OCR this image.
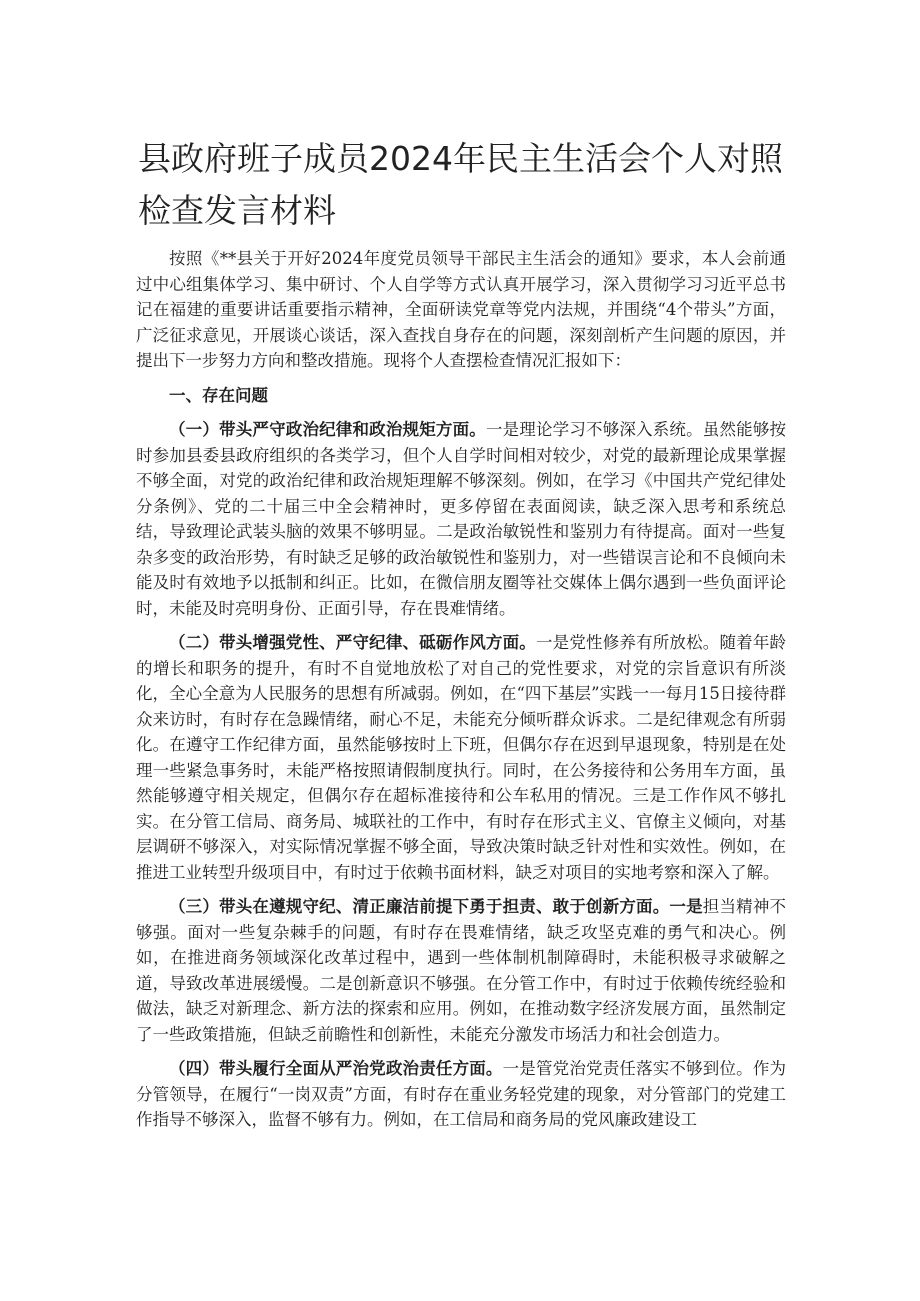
县政府班子成员2024年民主生活会个人对照检查发言材料

按照《**县关于开好2024年度党员领导干部民主生活会的通知》要求，本人会前通过中心组集体学习、集中研讨、个人自学等方式认真开展学习，深入贯彻学习习近平总书记在福建的重要讲话重要指示精神，全面研读党章等党内法规，并围绕“4个带头”方面，广泛征求意见，开展谈心谈话，深入查找自身存在的问题，深刻剖析产生问题的原因，并提出下一步努力方向和整改措施。现将个人查摆检查情况汇报如下：

一、存在问题

（一）带头严守政治纪律和政治规矩方面。一是理论学习不够深入系统。虽然能够按时参加县委县政府组织的各类学习，但个人自学时间相对较少，对党的最新理论成果掌握不够全面，对党的政治纪律和政治规矩理解不够深刻。例如，在学习《中国共产党纪律处分条例》、党的二十届三中全会精神时，更多停留在表面阅读，缺乏深入思考和系统总结，导致理论武装头脑的效果不够明显。二是政治敏锐性和鉴别力有待提高。面对一些复杂多变的政治形势，有时缺乏足够的政治敏锐性和鉴别力，对一些错误言论和不良倾向未能及时有效地予以抵制和纠正。比如，在微信朋友圈等社交媒体上偶尔遇到一些负面评论时，未能及时亮明身份、正面引导，存在畏难情绪。

（二）带头增强党性、严守纪律、砥砺作风方面。一是党性修养有所放松。随着年龄的增长和职务的提升，有时不自觉地放松了对自己的党性要求，对党的宗旨意识有所淡化，全心全意为人民服务的思想有所减弱。例如，在“四下基层”实践一一每月15日接待群众来访时，有时存在急躁情绪，耐心不足，未能充分倾听群众诉求。二是纪律观念有所弱化。在遵守工作纪律方面，虽然能够按时上下班，但偶尔存在迟到早退现象，特别是在处理一些紧急事务时，未能严格按照请假制度执行。同时，在公务接待和公务用车方面，虽然能够遵守相关规定，但偶尔存在超标准接待和公车私用的情况。三是工作作风不够扎实。在分管工信局、商务局、城联社的工作中，有时存在形式主义、官僚主义倾向，对基层调研不够深入，对实际情况掌握不够全面，导致决策时缺乏针对性和实效性。例如，在推进工业转型升级项目中，有时过于依赖书面材料，缺乏对项目的实地考察和深入了解。

（三）带头在遵规守纪、清正廉洁前提下勇于担责、敢于创新方面。一是担当精神不够强。面对一些复杂棘手的问题，有时存在畏难情绪，缺乏攻坚克难的勇气和决心。例如，在推进商务领域深化改革过程中，遇到一些体制机制障碍时，未能积极寻求破解之道，导致改革进展缓慢。二是创新意识不够强。在分管工作中，有时过于依赖传统经验和做法，缺乏对新理念、新方法的探索和应用。例如，在推动数字经济发展方面，虽然制定了一些政策措施，但缺乏前瞻性和创新性，未能充分激发市场活力和社会创造力。

（四）带头履行全面从严治党政治责任方面。一是管党治党责任落实不够到位。作为分管领导，在履行“一岗双责”方面，有时存在重业务轻党建的现象，对分管部门的党建工作指导不够深入，监督不够有力。例如，在工信局和商务局的党风廉政建设工
